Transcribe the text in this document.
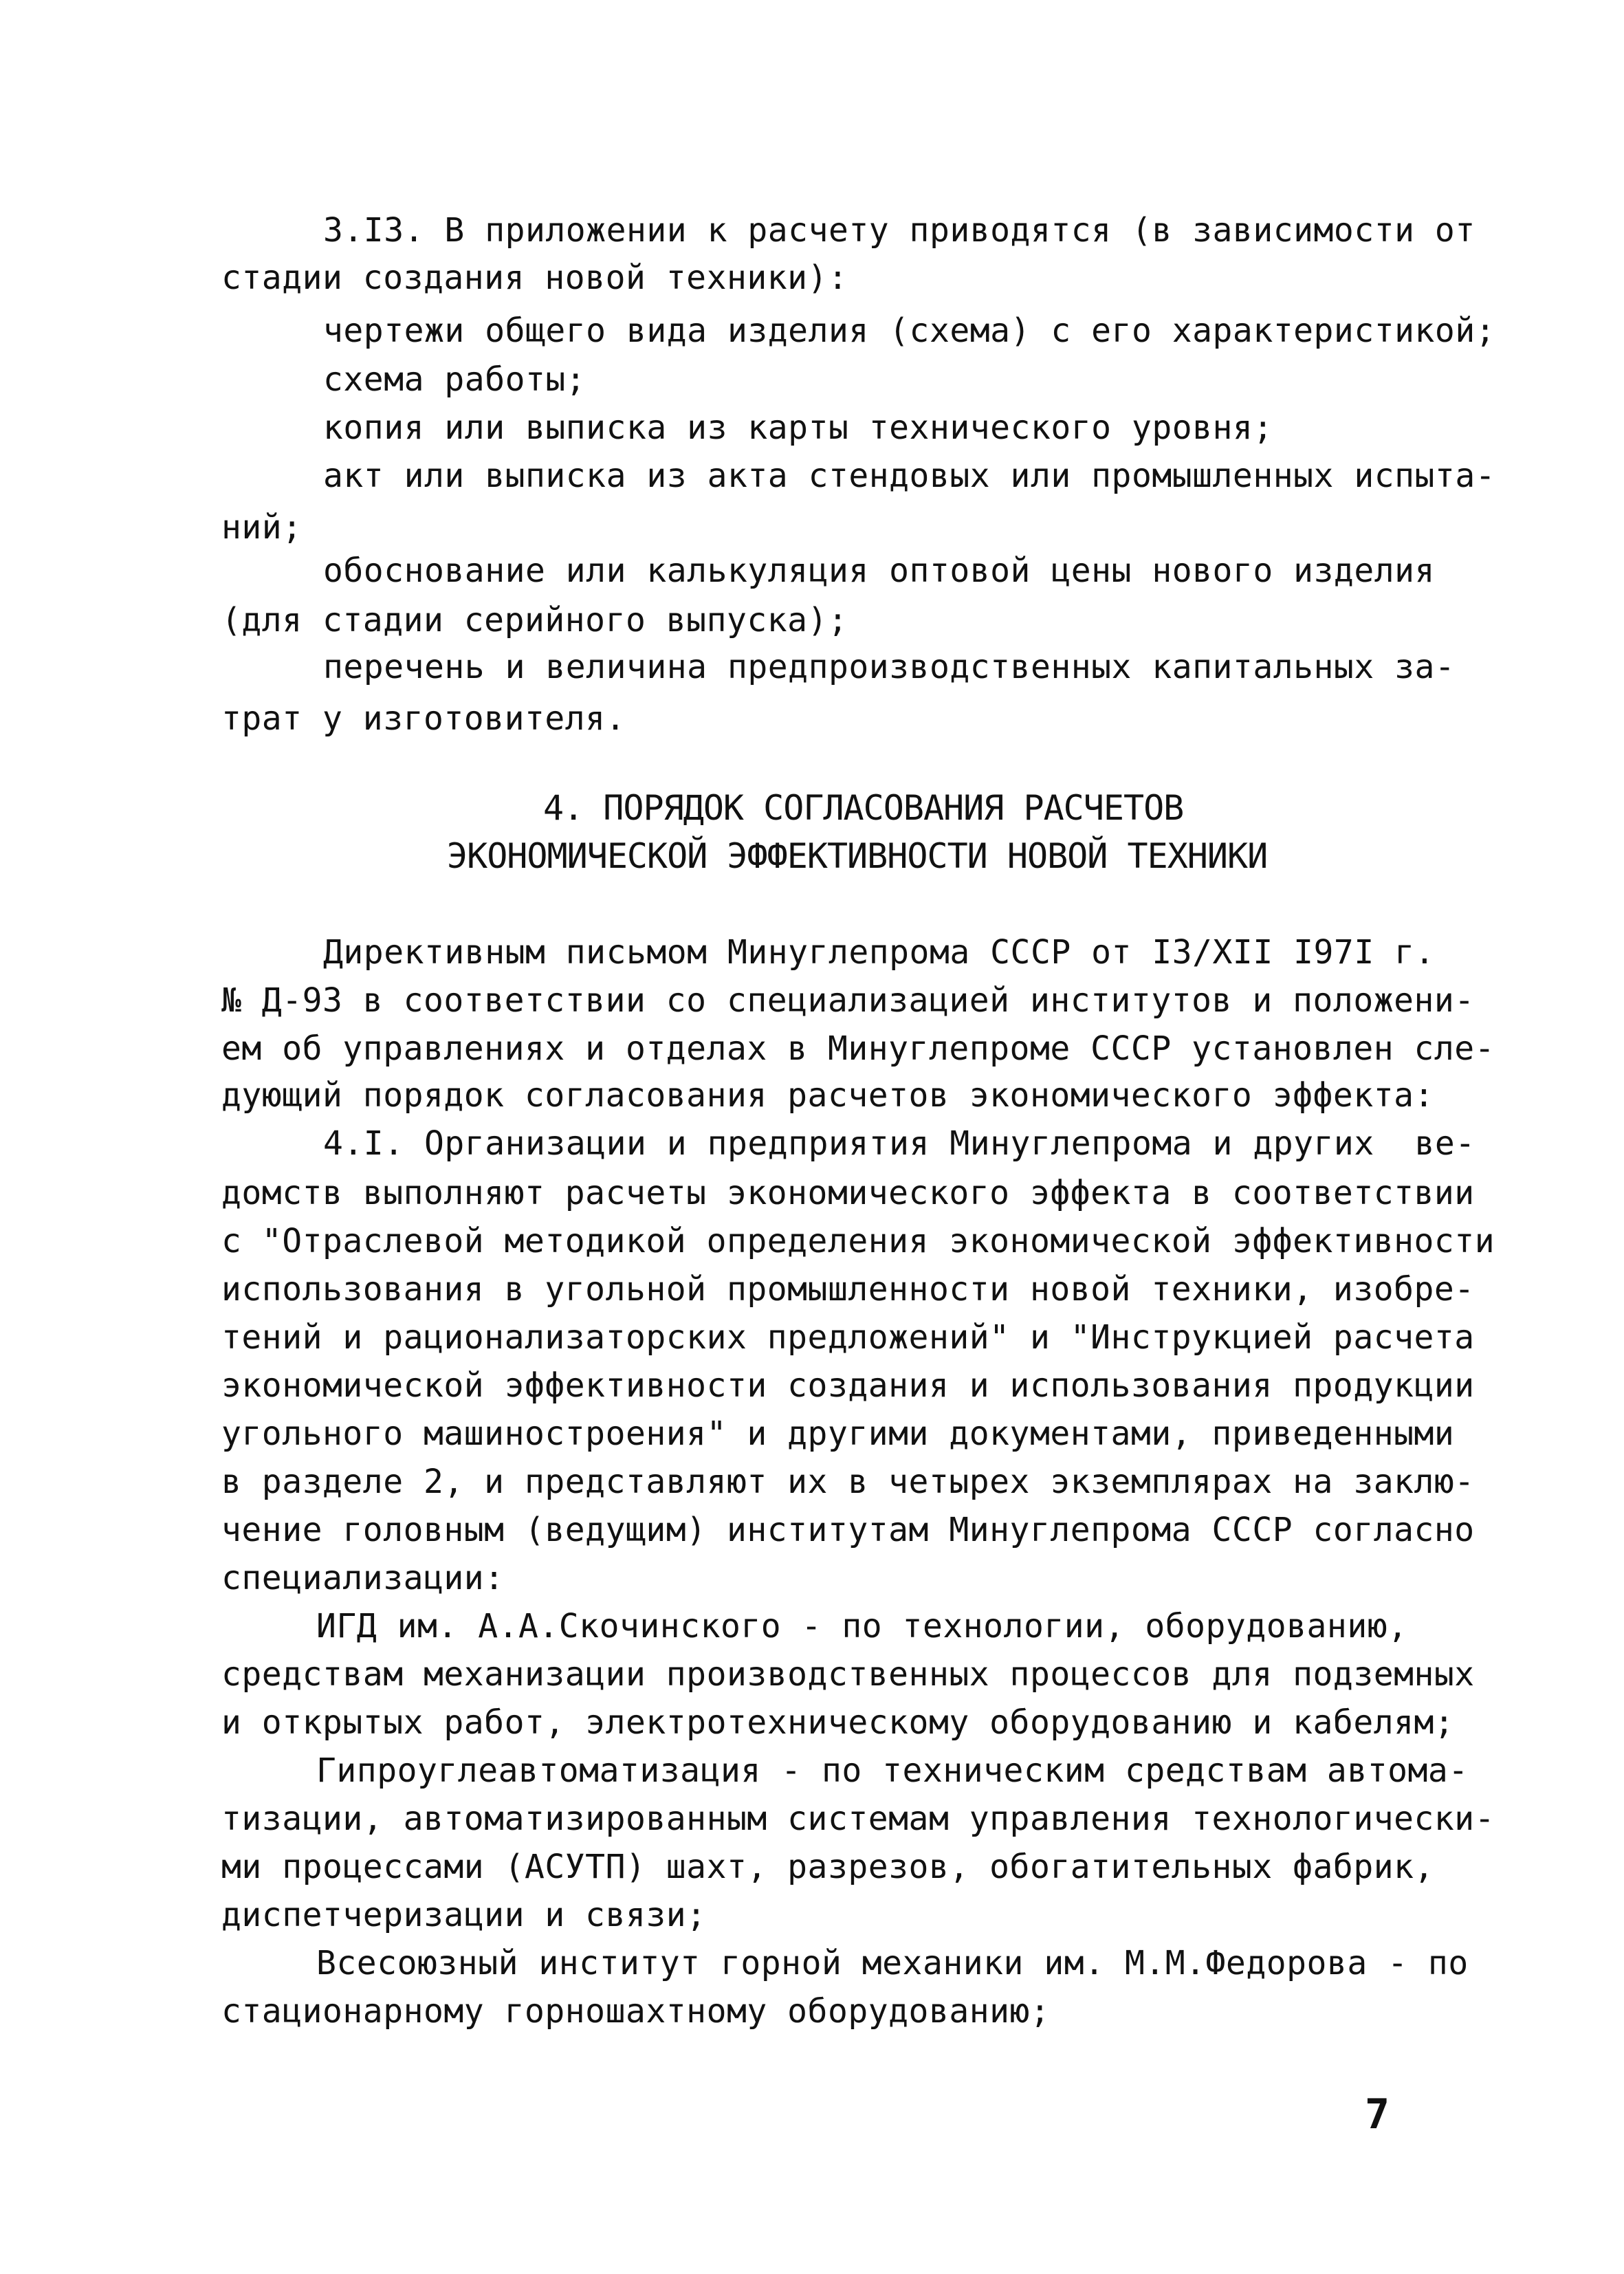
3.I3. В приложении к расчету приводятся (в зависимости от

стадии создания новой техники):

чертежи общего вида изделия (схема) с его характеристикой;

схема работы;

копия или выписка из карты технического уровня;

акт или выписка из акта стендовых или промышленных испыта-

ний;

обоснование или калькуляция оптовой цены нового изделия

(для стадии серийного выпуска);

перечень и величина предпроизводственных капитальных за-

трат у изготовителя.

4. ПОРЯДОК СОГЛАСОВАНИЯ РАСЧЕТОВ

ЭКОНОМИЧЕСКОЙ ЭФФЕКТИВНОСТИ НОВОЙ ТЕХНИКИ

Директивным письмом Минуглепрома СССР от I3/XII I97I г.

№ Д-93 в соответствии со специализацией институтов и положени-

ем об управлениях и отделах в Минуглепроме СССР установлен сле-

дующий порядок согласования расчетов экономического эффекта:

4.I. Организации и предприятия Минуглепрома и других  ве-

домств выполняют расчеты экономического эффекта в соответствии

с "Отраслевой методикой определения экономической эффективности

использования в угольной промышленности новой техники, изобре-

тений и рационализаторских предложений" и "Инструкцией расчета

экономической эффективности создания и использования продукции

угольного машиностроения" и другими документами, приведенными

в разделе 2, и представляют их в четырех экземплярах на заклю-

чение головным (ведущим) институтам Минуглепрома СССР согласно

специализации:

ИГД им. А.А.Скочинского - по технологии, оборудованию,

средствам механизации производственных процессов для подземных

и открытых работ, электротехническому оборудованию и кабелям;

Гипроуглеавтоматизация - по техническим средствам автома-

тизации, автоматизированным системам управления технологически-

ми процессами (АСУТП) шахт, разрезов, обогатительных фабрик,

диспетчеризации и связи;

Всесоюзный институт горной механики им. М.М.Федорова - по

стационарному горношахтному оборудованию;

7
